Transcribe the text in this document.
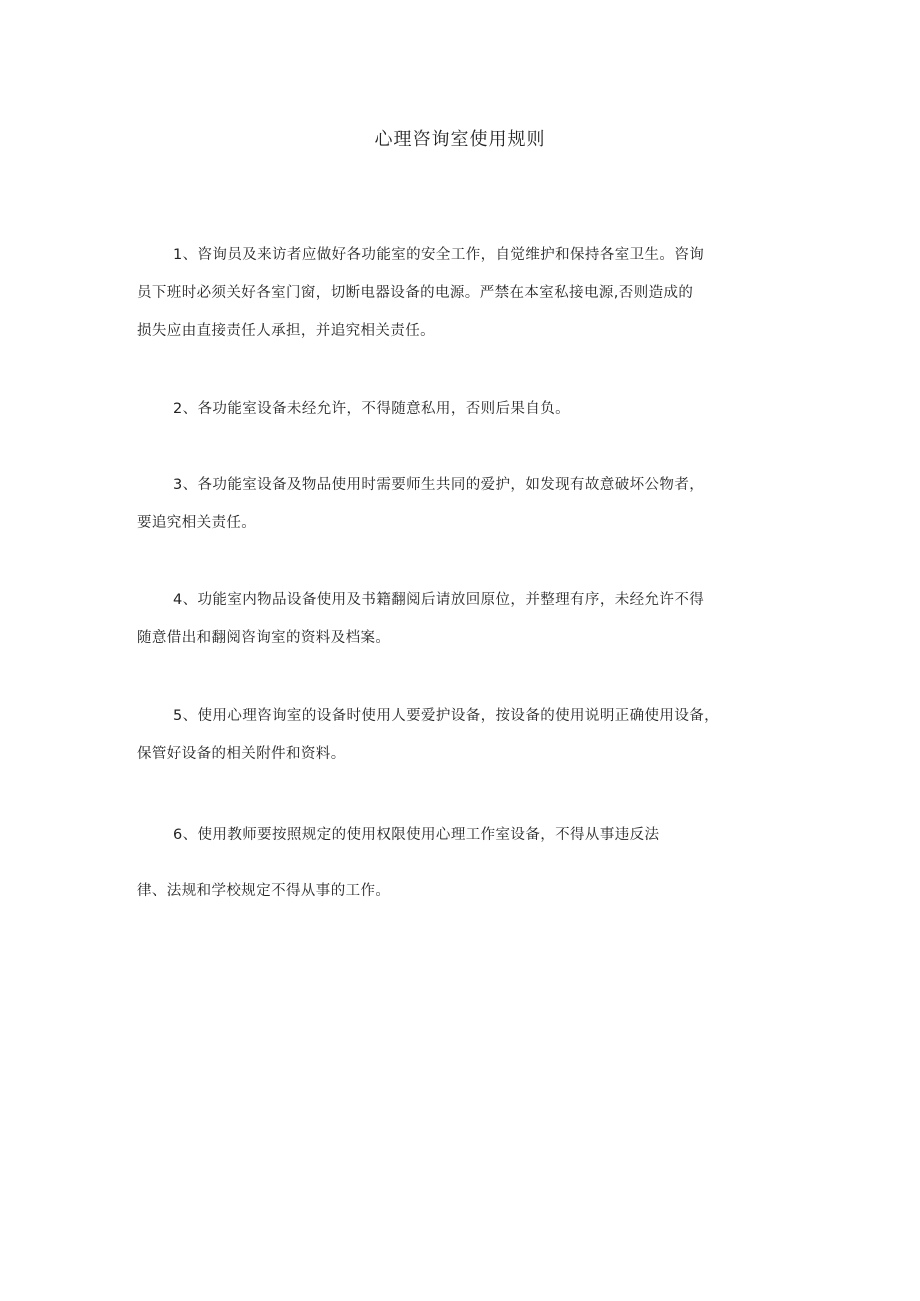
心理咨询室使用规则
1、咨询员及来访者应做好各功能室的安全工作，自觉维护和保持各室卫生。咨询
员下班时必须关好各室门窗，切断电器设备的电源。严禁在本室私接电源,否则造成的
损失应由直接责任人承担，并追究相关责任。
2、各功能室设备未经允许，不得随意私用，否则后果自负。
3、各功能室设备及物品使用时需要师生共同的爱护，如发现有故意破坏公物者，
要追究相关责任。
4、功能室内物品设备使用及书籍翻阅后请放回原位，并整理有序，未经允许不得
随意借出和翻阅咨询室的资料及档案。
5、使用心理咨询室的设备时使用人要爱护设备，按设备的使用说明正确使用设备，
保管好设备的相关附件和资料。
6、使用教师要按照规定的使用权限使用心理工作室设备，不得从事违反法
律、法规和学校规定不得从事的工作。
